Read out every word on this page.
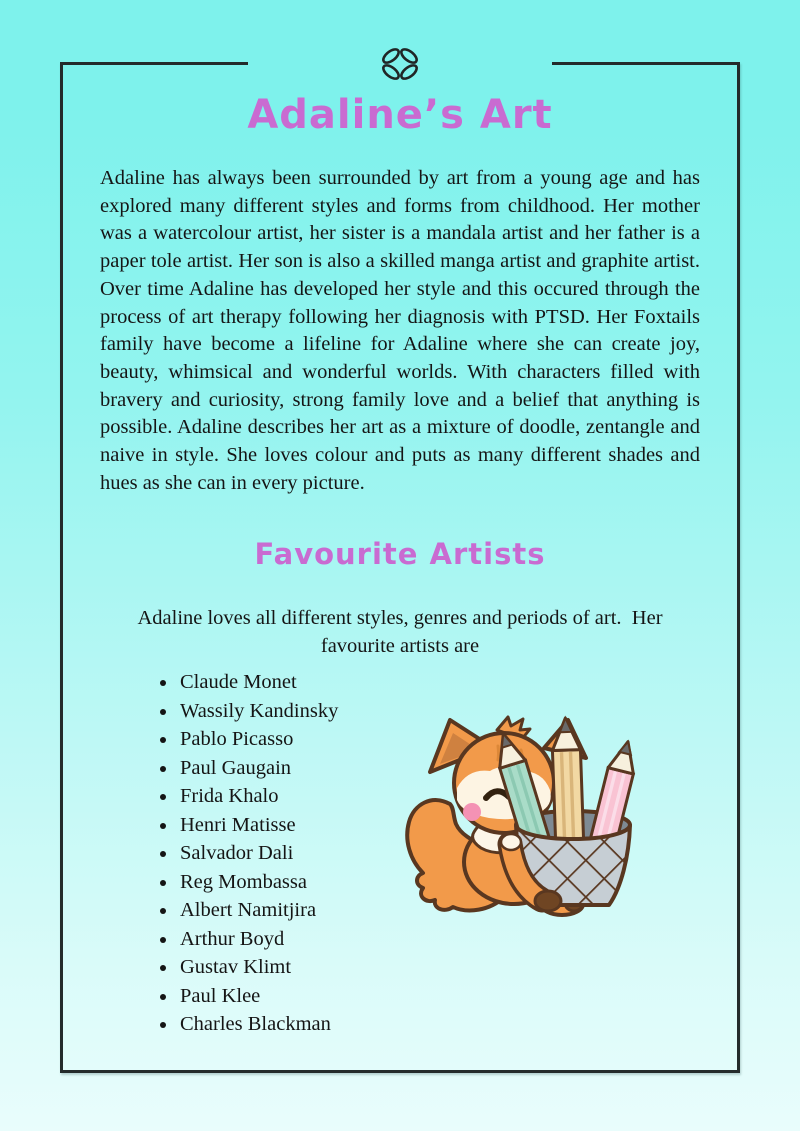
Adaline’s Art

Adaline has always been surrounded by art from a young age and has explored many different styles and forms from childhood. Her mother was a watercolour artist, her sister is a mandala artist and her father is a paper tole artist. Her son is also a skilled manga artist and graphite artist. Over time Adaline has developed her style and this occured through the process of art therapy following her diagnosis with PTSD. Her Foxtails family have become a lifeline for Adaline where she can create joy, beauty, whimsical and wonderful worlds. With characters filled with bravery and curiosity, strong family love and a belief that anything is possible. Adaline describes her art as a mixture of doodle, zentangle and naive in style. She loves colour and puts as many different shades and hues as she can in every picture.

Favourite Artists

Adaline loves all different styles, genres and periods of art.  Her favourite artists are

• Claude Monet
• Wassily Kandinsky
• Pablo Picasso
• Paul Gaugain
• Frida Khalo
• Henri Matisse
• Salvador Dali
• Reg Mombassa
• Albert Namitjira
• Arthur Boyd
• Gustav Klimt
• Paul Klee
• Charles Blackman
